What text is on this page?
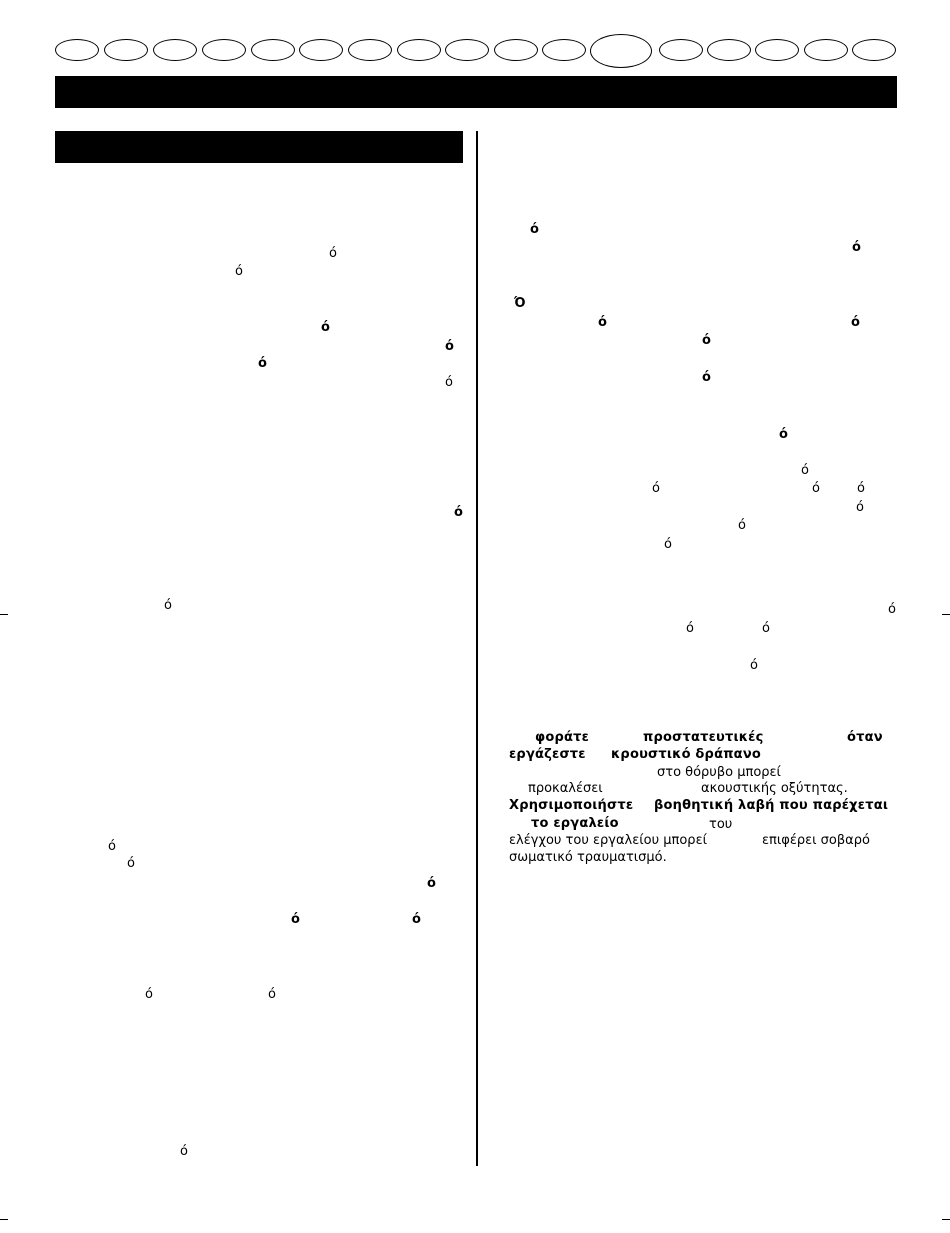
ό
ό
ό
ό
ό
ό
ό
ό
ό
ό
ό
ό	ό
ό	ό
ό
ό
ό
Ό
ό	ό
ό
ό
ό
ό
ό	ό	ό
ό
ό
ό
ό
ό	ό
ό
φοράτε	προστατευτικές	όταν
εργάζεστε κρουστικό δράπανο
στο θόρυβο μπορεί
προκαλέσει	ακουστικής οξύτητας.
Χρησιμοποιήστε βοηθητική λαβή που παρέχεται
το εργαλείο	του
ελέγχου του εργαλείου μπορεί	επιφέρει σοβαρό
σωματικό τραυματισμό.
